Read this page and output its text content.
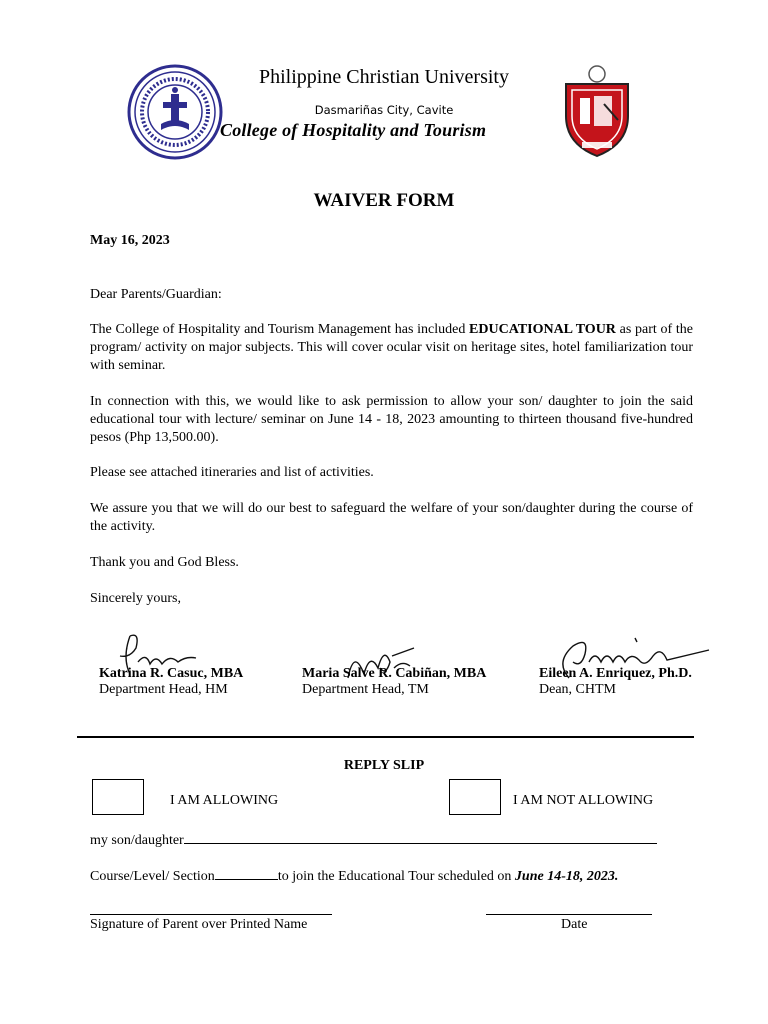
Philippine Christian University
Dasmariñas City, Cavite
College of Hospitality and Tourism
WAIVER FORM

May 16, 2023

Dear Parents/Guardian:

The College of Hospitality and Tourism Management has included EDUCATIONAL TOUR as part of the program/ activity on major subjects. This will cover ocular visit on heritage sites, hotel familiarization tour with seminar.

In connection with this, we would like to ask permission to allow your son/ daughter to join the said educational tour with lecture/ seminar on June 14 - 18, 2023 amounting to thirteen thousand five-hundred pesos (Php 13,500.00).

Please see attached itineraries and list of activities.

We assure you that we will do our best to safeguard the welfare of your son/daughter during the course of the activity.

Thank you and God Bless.

Sincerely yours,

Katrina R. Casuc, MBA
Department Head, HM
Maria Salve R. Cabiñan, MBA
Department Head, TM
Eileen A. Enriquez, Ph.D.
Dean, CHTM
REPLY SLIP
I AM ALLOWING	I AM NOT ALLOWING
my son/daughter
Course/Level/ Section	to join the Educational Tour scheduled on June 14-18, 2023.
Signature of Parent over Printed Name	Date
